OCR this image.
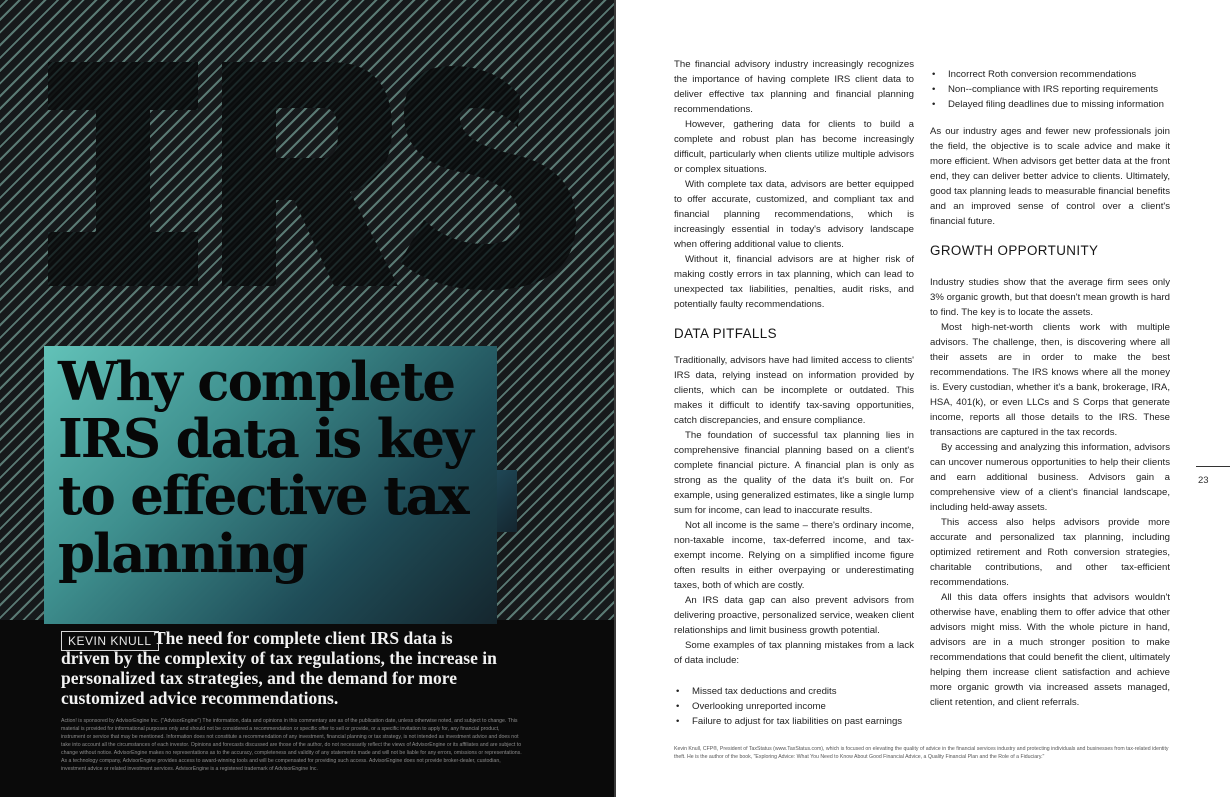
Why complete IRS data is key to effective tax planning
The need for complete client IRS data is driven by the complexity of tax regulations, the increase in personalized tax strategies, and the demand for more customized advice recommendations.
KEVIN KNULL
Action! is sponsored by AdvisorEngine Inc. ("AdvisorEngine") The information, data and opinions in this commentary are as of the publication date, unless otherwise noted, and subject to change. This material is provided for informational purposes only and should not be considered a recommendation or specific offer to sell or provide, or a specific invitation to apply for, any financial product, instrument or service that may be mentioned. Information does not constitute a recommendation of any investment, financial planning or tax strategy, is not intended as investment advice and does not take into account all the circumstances of each investor. Opinions and forecasts discussed are those of the author, do not necessarily reflect the views of AdvisorEngine or its affiliates and are subject to change without notice. AdvisorEngine makes no representations as to the accuracy, completeness and validity of any statements made and will not be liable for any errors, omissions or representations. As a technology company, AdvisorEngine provides access to award-winning tools and will be compensated for providing such access. AdvisorEngine does not provide broker-dealer, custodian, investment advice or related investment services. AdvisorEngine is a registered trademark of AdvisorEngine Inc.

The financial advisory industry increasingly recognizes the importance of having complete IRS client data to deliver effective tax planning and financial planning recommendations.

However, gathering data for clients to build a complete and robust plan has become increasingly difficult, particularly when clients utilize multiple advisors or complex situations.

With complete tax data, advisors are better equipped to offer accurate, customized, and compliant tax and financial planning recommendations, which is increasingly essential in today's advisory landscape when offering additional value to clients.

Without it, financial advisors are at higher risk of making costly errors in tax planning, which can lead to unexpected tax liabilities, penalties, audit risks, and potentially faulty recommendations.

DATA PITFALLS

Traditionally, advisors have had limited access to clients' IRS data, relying instead on information provided by clients, which can be incomplete or outdated. This makes it difficult to identify tax-saving opportunities, catch discrepancies, and ensure compliance.

The foundation of successful tax planning lies in comprehensive financial planning based on a client's complete financial picture. A financial plan is only as strong as the quality of the data it's built on. For example, using generalized estimates, like a single lump sum for income, can lead to inaccurate results.

Not all income is the same – there's ordinary income, non-taxable income, tax-deferred income, and tax-exempt income. Relying on a simplified income figure often results in either overpaying or underestimating taxes, both of which are costly.

An IRS data gap can also prevent advisors from delivering proactive, personalized service, weaken client relationships and limit business growth potential.

Some examples of tax planning mistakes from a lack of data include:

• Missed tax deductions and credits
• Overlooking unreported income
• Failure to adjust for tax liabilities on past earnings
• Incorrect Roth conversion recommendations
• Non--compliance with IRS reporting requirements
• Delayed filing deadlines due to missing information

As our industry ages and fewer new professionals join the field, the objective is to scale advice and make it more efficient. When advisors get better data at the front end, they can deliver better advice to clients. Ultimately, good tax planning leads to measurable financial benefits and an improved sense of control over a client's financial future.

GROWTH OPPORTUNITY

Industry studies show that the average firm sees only 3% organic growth, but that doesn't mean growth is hard to find. The key is to locate the assets.

Most high-net-worth clients work with multiple advisors. The challenge, then, is discovering where all their assets are in order to make the best recommendations. The IRS knows where all the money is. Every custodian, whether it's a bank, brokerage, IRA, HSA, 401(k), or even LLCs and S Corps that generate income, reports all those details to the IRS. These transactions are captured in the tax records.

By accessing and analyzing this information, advisors can uncover numerous opportunities to help their clients and earn additional business. Advisors gain a comprehensive view of a client's financial landscape, including held-away assets.

This access also helps advisors provide more accurate and personalized tax planning, including optimized retirement and Roth conversion strategies, charitable contributions, and other tax-efficient recommendations.

All this data offers insights that advisors wouldn't otherwise have, enabling them to offer advice that other advisors might miss. With the whole picture in hand, advisors are in a much stronger position to make recommendations that could benefit the client, ultimately helping them increase client satisfaction and achieve more organic growth via increased assets managed, client retention, and client referrals.

23
Kevin Knull, CFP®, President of TaxStatus (www.TaxStatus.com), which is focused on elevating the quality of advice in the financial services industry and protecting individuals and businesses from tax-related identity theft. He is the author of the book, "Exploring Advice: What You Need to Know About Good Financial Advice, a Quality Financial Plan and the Role of a Fiduciary."
